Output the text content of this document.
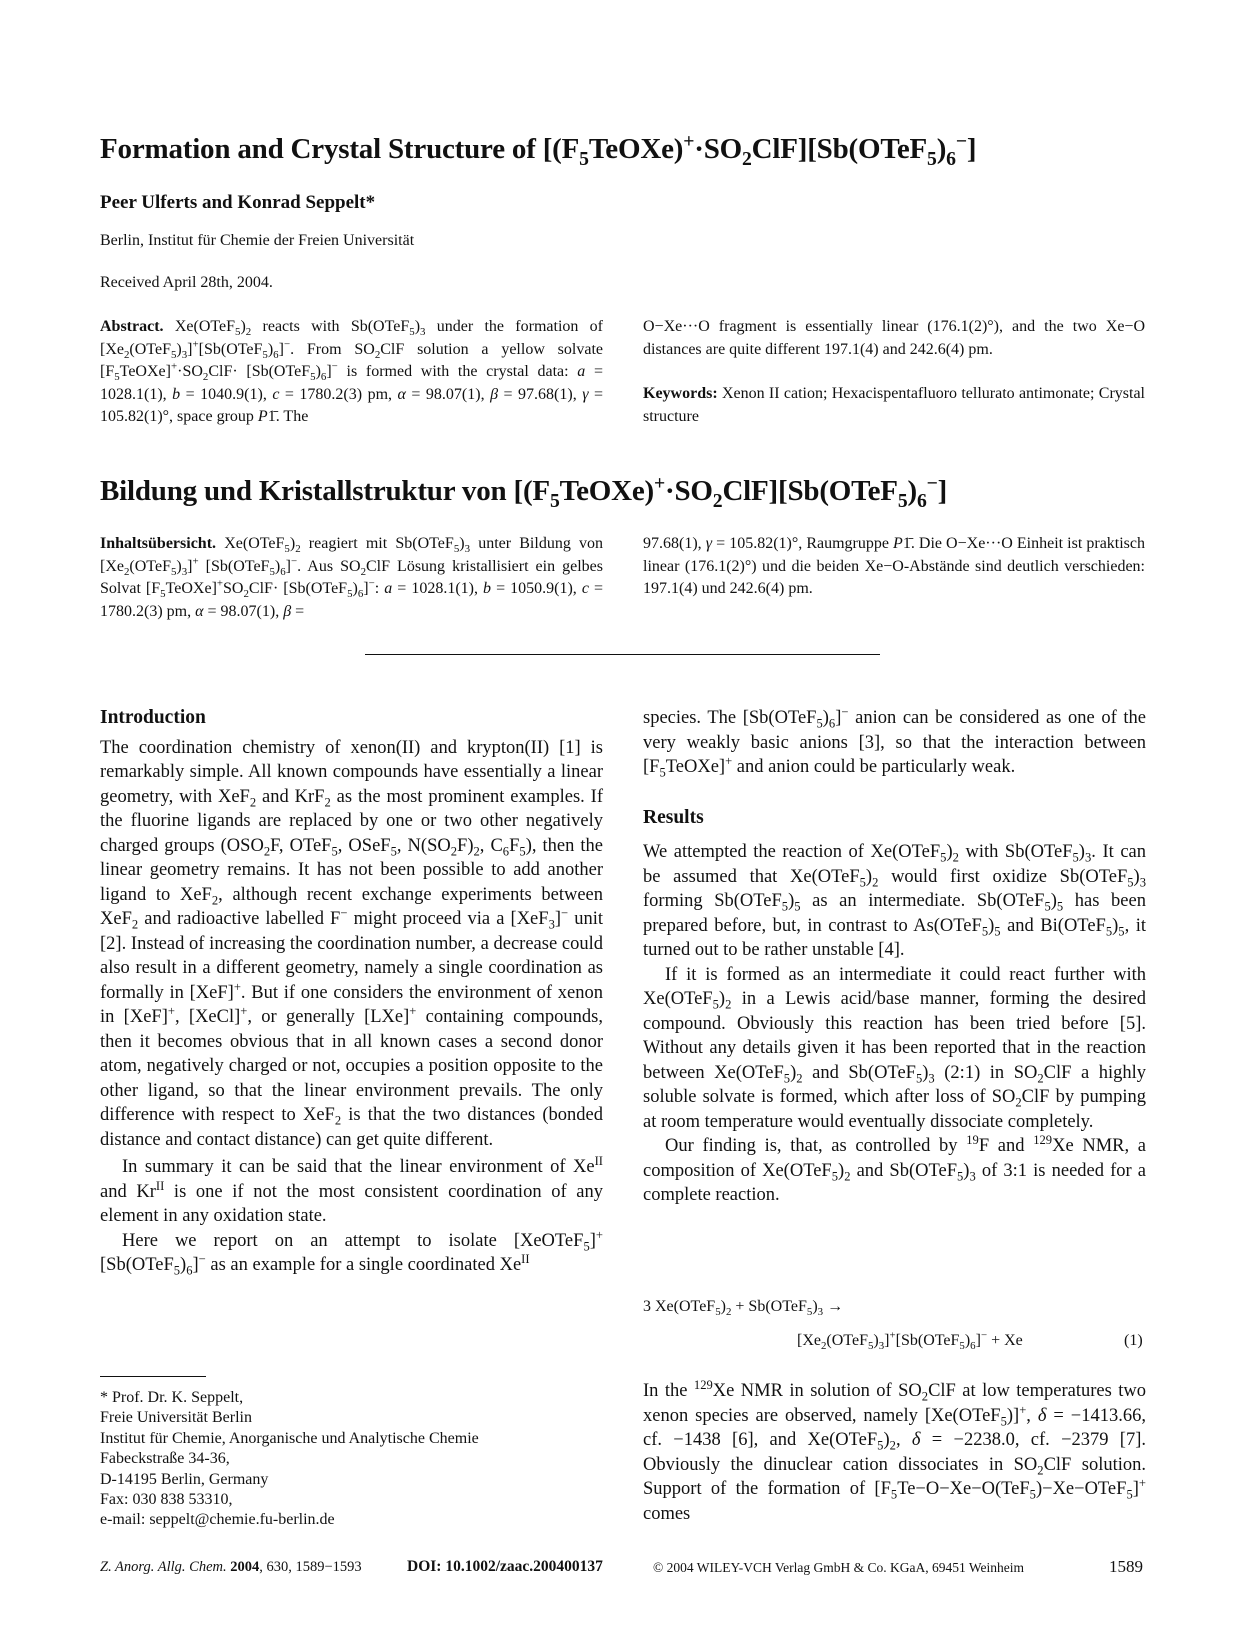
Formation and Crystal Structure of $[(F_5TeOXe)^+\cdot SO_2ClF][Sb(OTeF_5)_6^-]$
Peer Ulferts and Konrad Seppelt*
Berlin, Institut für Chemie der Freien Universität
Received April 28th, 2004.
Abstract. $Xe(OTeF_5)_2$ reacts with $Sb(OTeF_5)_3$ under the formation of $[Xe_2(OTeF_5)_3]^+[Sb(OTeF_5)_6]^-$. From $SO_2ClF$ solution a yellow solvate $[F_5TeOXe]^+\cdot SO_2ClF\cdot$ $[Sb(OTeF_5)_6]^-$ is formed with the crystal data: a = 1028.1(1), b = 1040.9(1), c = 1780.2(3) pm, α = 98.07(1), β = 97.68(1), γ = 105.82(1)°, space group P1̄. The
O−Xe···O fragment is essentially linear (176.1(2)°), and the two Xe−O distances are quite different 197.1(4) and 242.6(4) pm.
Keywords: Xenon II cation; Hexacispentafluoro tellurato antimonate; Crystal structure
Bildung und Kristallstruktur von $[(F_5TeOXe)^+\cdot SO_2ClF][Sb(OTeF_5)_6^-]$
Inhaltsübersicht. $Xe(OTeF_5)_2$ reagiert mit $Sb(OTeF_5)_3$ unter Bildung von $[Xe_2(OTeF_5)_3]^+$ $[Sb(OTeF_5)_6]^-$. Aus $SO_2ClF$ Lösung kristallisiert ein gelbes Solvat $[F_5TeOXe]^+SO_2ClF\cdot$ $[Sb(OTeF_5)_6]^-$: a = 1028.1(1), b = 1050.9(1), c = 1780.2(3) pm, α = 98.07(1), β =
97.68(1), γ = 105.82(1)°, Raumgruppe P1̄. Die O−Xe···O Einheit ist praktisch linear (176.1(2)°) und die beiden Xe−O-Abstände sind deutlich verschieden: 197.1(4) und 242.6(4) pm.

Introduction

The coordination chemistry of xenon(II) and krypton(II) [1] is remarkably simple. All known compounds have essentially a linear geometry, with XeF$_2$ and KrF$_2$ as the most prominent examples. If the fluorine ligands are replaced by one or two other negatively charged groups ($OSO_2F$, OTeF$_5$, OSeF$_5$, $N(SO_2F)_2$, $C_6F_5$), then the linear geometry remains. It has not been possible to add another ligand to XeF$_2$, although recent exchange experiments between XeF$_2$ and radioactive labelled F− might proceed via a [XeF$_3$]− unit [2]. Instead of increasing the coordination number, a decrease could also result in a different geometry, namely a single coordination as formally in [XeF]+. But if one considers the environment of xenon in [XeF]+, [XeCl]+, or generally [LXe]+ containing compounds, then it becomes obvious that in all known cases a second donor atom, negatively charged or not, occupies a position opposite to the other ligand, so that the linear environment prevails. The only difference with respect to XeF$_2$ is that the two distances (bonded distance and contact distance) can get quite different.

In summary it can be said that the linear environment of $Xe^{II}$ and $Kr^{II}$ is one if not the most consistent coordination of any element in any oxidation state.

Here we report on an attempt to isolate [XeOTeF$_5$]+ $[Sb(OTeF_5)_6]^-$ as an example for a single coordinated $Xe^{II}$

* Prof. Dr. K. Seppelt,
Freie Universität Berlin
Institut für Chemie, Anorganische und Analytische Chemie
Fabeckstraße 34-36,
D-14195 Berlin, Germany
Fax: 030 838 53310,
e-mail: seppelt@chemie.fu-berlin.de

species. The $[Sb(OTeF_5)_6]^-$ anion can be considered as one of the very weakly basic anions [3], so that the interaction between $[F_5TeOXe]^+$ and anion could be particularly weak.

Results

We attempted the reaction of $Xe(OTeF_5)_2$ with $Sb(OTeF_5)_3$. It can be assumed that $Xe(OTeF_5)_2$ would first oxidize $Sb(OTeF_5)_3$ forming $Sb(OTeF_5)_5$ as an intermediate. $Sb(OTeF_5)_5$ has been prepared before, but, in contrast to $As(OTeF_5)_5$ and $Bi(OTeF_5)_5$, it turned out to be rather unstable [4].

If it is formed as an intermediate it could react further with $Xe(OTeF_5)_2$ in a Lewis acid/base manner, forming the desired compound. Obviously this reaction has been tried before [5]. Without any details given it has been reported that in the reaction between $Xe(OTeF_5)_2$ and $Sb(OTeF_5)_3$ (2:1) in $SO_2ClF$ a highly soluble solvate is formed, which after loss of $SO_2ClF$ by pumping at room temperature would eventually dissociate completely.

Our finding is, that, as controlled by $^{19}$F and $^{129}$Xe NMR, a composition of $Xe(OTeF_5)_2$ and $Sb(OTeF_5)_3$ of 3:1 is needed for a complete reaction.

3 $Xe(OTeF_5)_2$ + $Sb(OTeF_5)_3$ →
$[Xe_2(OTeF_5)_3]^+[Sb(OTeF_5)_6]^- + Xe$	(1)

In the $^{129}$Xe NMR in solution of $SO_2ClF$ at low temperatures two xenon species are observed, namely [Xe(OTeF$_5$)]+, δ = −1413.66, cf. −1438 [6], and $Xe(OTeF_5)_2$, δ = −2238.0, cf. −2379 [7]. Obviously the dinuclear cation dissociates in $SO_2ClF$ solution. Support of the formation of $[F_5Te-O-Xe-O(TeF_5)-Xe-OTeF_5]^+$ comes

Z. Anorg. Allg. Chem. 2004, 630, 1589−1593	DOI: 10.1002/zaac.200400137	© 2004 WILEY-VCH Verlag GmbH & Co. KGaA, 69451 Weinheim	1589
